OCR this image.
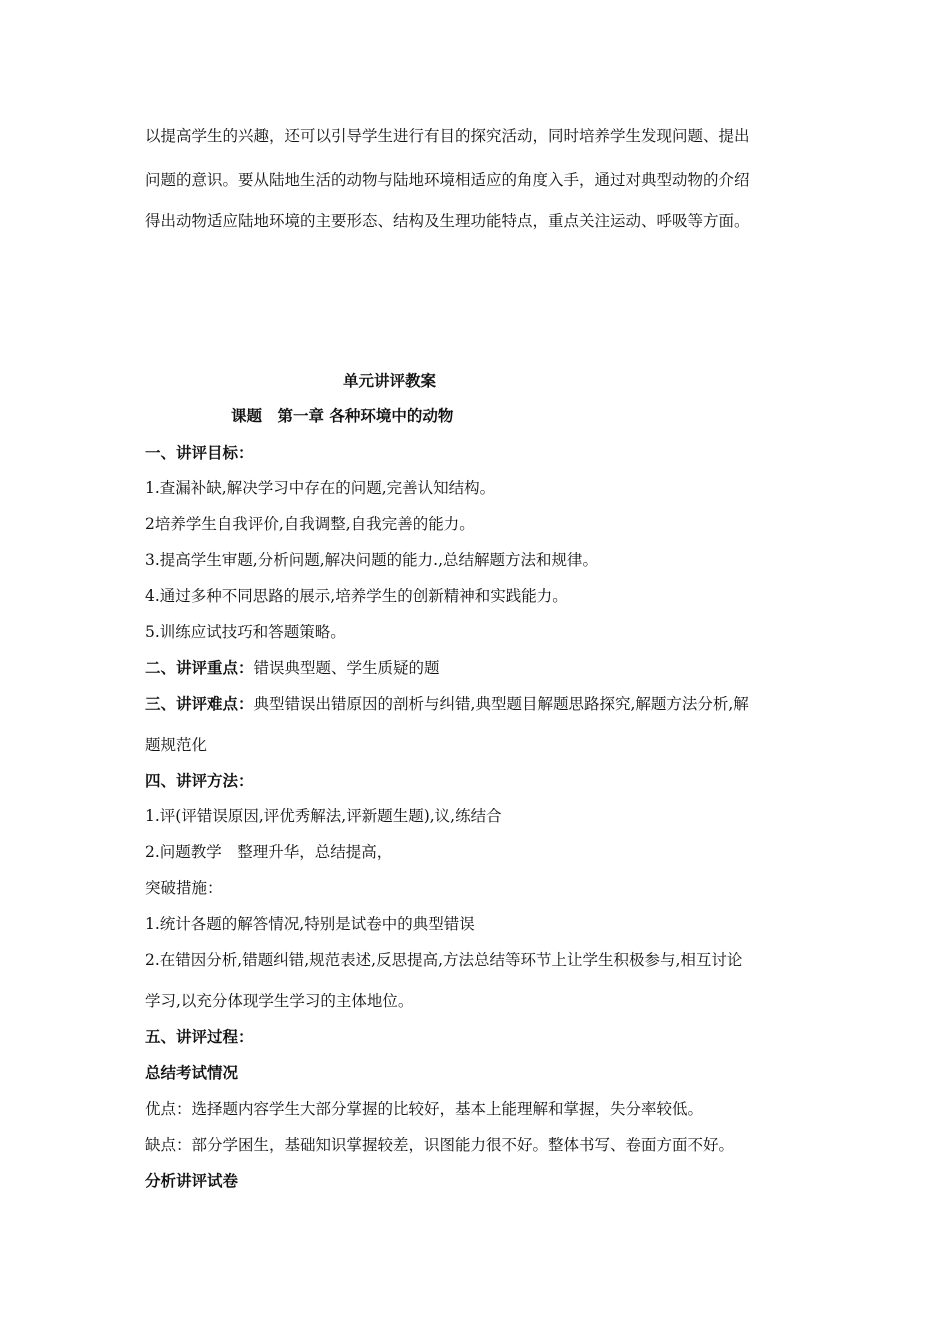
以提高学生的兴趣，还可以引导学生进行有目的探究活动，同时培养学生发现问题、提出
问题的意识。要从陆地生活的动物与陆地环境相适应的角度入手，通过对典型动物的介绍
得出动物适应陆地环境的主要形态、结构及生理功能特点，重点关注运动、呼吸等方面。
单元讲评教案
课题　第一章 各种环境中的动物
一、讲评目标：
1.查漏补缺,解决学习中存在的问题,完善认知结构。
2培养学生自我评价,自我调整,自我完善的能力。
3.提高学生审题,分析问题,解决问题的能力.,总结解题方法和规律。
4.通过多种不同思路的展示,培养学生的创新精神和实践能力。
5.训练应试技巧和答题策略。
二、讲评重点：错误典型题、学生质疑的题
三、讲评难点：典型错误出错原因的剖析与纠错,典型题目解题思路探究,解题方法分析,解
题规范化
四、讲评方法：
1.评(评错误原因,评优秀解法,评新题生题),议,练结合
2.问题教学　整理升华，总结提高，
突破措施：
1.统计各题的解答情况,特别是试卷中的典型错误
2.在错因分析,错题纠错,规范表述,反思提高,方法总结等环节上让学生积极参与,相互讨论
学习,以充分体现学生学习的主体地位。
五、讲评过程：
总结考试情况
优点：选择题内容学生大部分掌握的比较好，基本上能理解和掌握，失分率较低。
缺点：部分学困生，基础知识掌握较差，识图能力很不好。整体书写、卷面方面不好。
分析讲评试卷
